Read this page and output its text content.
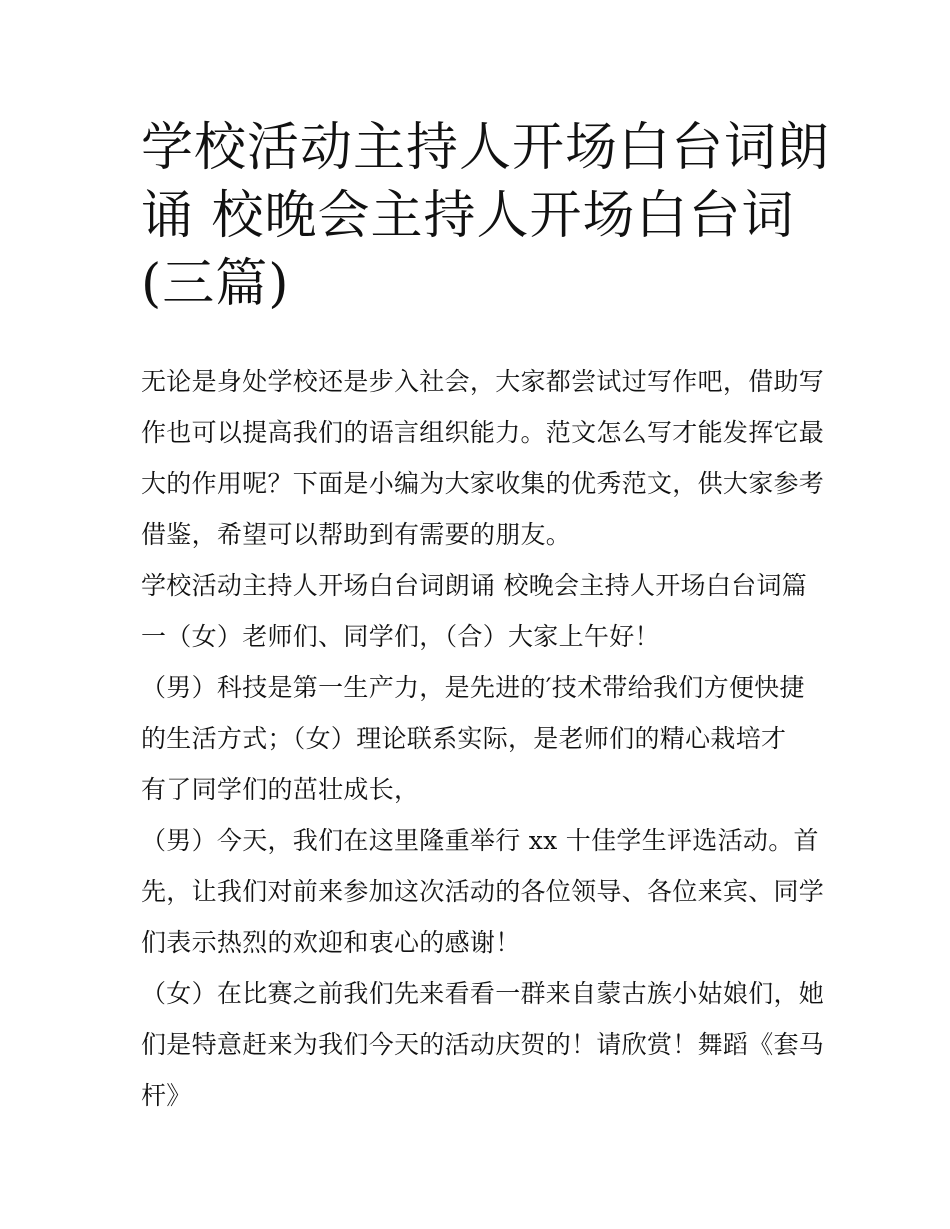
学校活动主持人开场白台词朗
诵 校晚会主持人开场白台词
(三篇)
无论是身处学校还是步入社会，大家都尝试过写作吧，借助写
作也可以提高我们的语言组织能力。范文怎么写才能发挥它最
大的作用呢？下面是小编为大家收集的优秀范文，供大家参考
借鉴，希望可以帮助到有需要的朋友。
学校活动主持人开场白台词朗诵 校晚会主持人开场白台词篇
一（女）老师们、同学们，（合）大家上午好！
（男）科技是第一生产力，是先进的′技术带给我们方便快捷
的生活方式；（女）理论联系实际，是老师们的精心栽培才
有了同学们的茁壮成长，
（男）今天，我们在这里隆重举行 xx 十佳学生评选活动。首
先，让我们对前来参加这次活动的各位领导、各位来宾、同学
们表示热烈的欢迎和衷心的感谢！
（女）在比赛之前我们先来看看一群来自蒙古族小姑娘们，她
们是特意赶来为我们今天的活动庆贺的！请欣赏！舞蹈《套马
杆》
